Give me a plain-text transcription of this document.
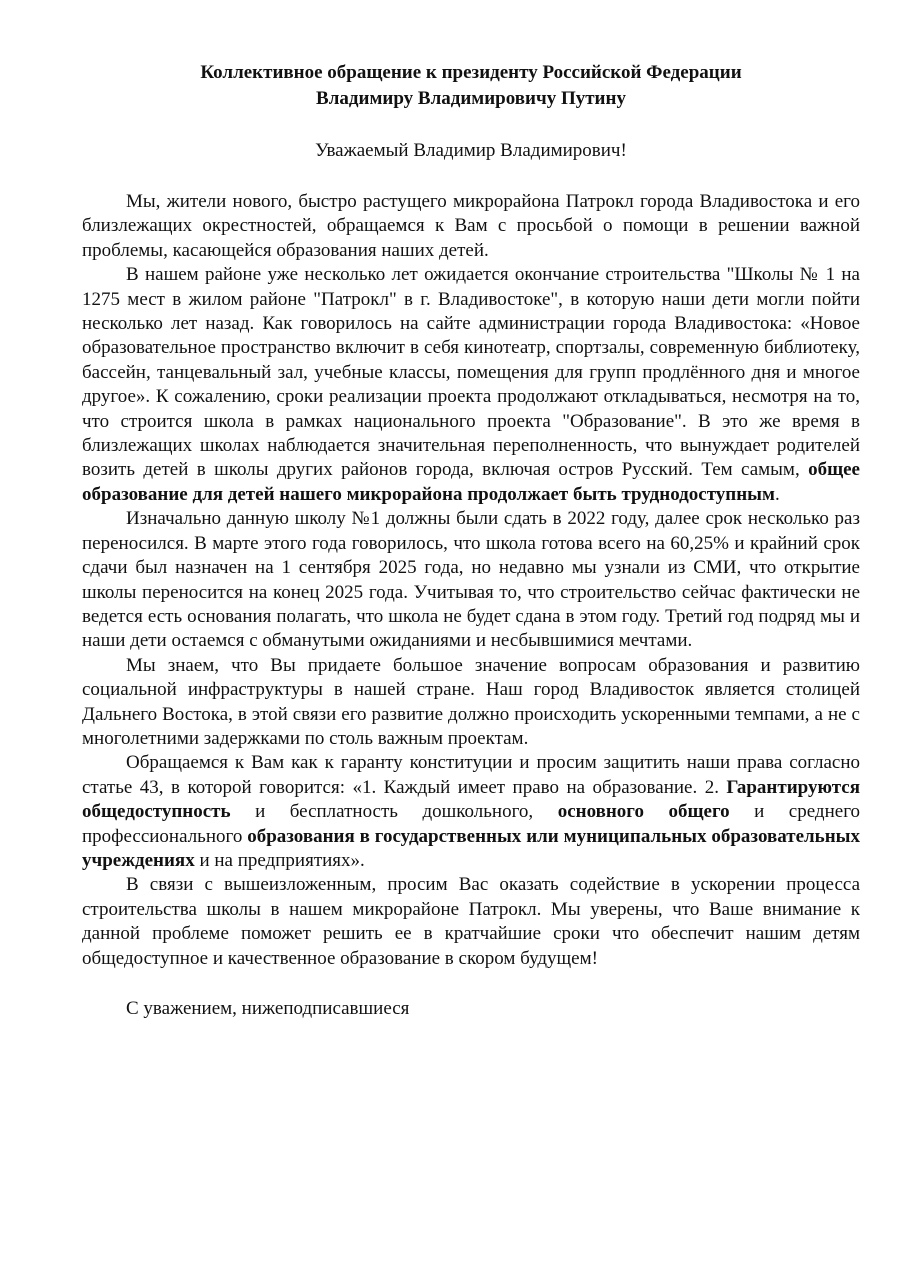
Коллективное обращение к президенту Российской Федерации
Владимиру Владимировичу Путину
Уважаемый Владимир Владимирович!

Мы, жители нового, быстро растущего микрорайона Патрокл города Владивостока и его близлежащих окрестностей, обращаемся к Вам с просьбой о помощи в решении важной проблемы, касающейся образования наших детей.

В нашем районе уже несколько лет ожидается окончание строительства "Школы № 1 на 1275 мест в жилом районе "Патрокл" в г. Владивостоке", в которую наши дети могли пойти несколько лет назад. Как говорилось на сайте администрации города Владивостока: «Новое образовательное пространство включит в себя кинотеатр, спортзалы, современную библиотеку, бассейн, танцевальный зал, учебные классы, помещения для групп продлённого дня и многое другое». К сожалению, сроки реализации проекта продолжают откладываться, несмотря на то, что строится школа в рамках национального проекта "Образование". В это же время в близлежащих школах наблюдается значительная переполненность, что вынуждает родителей возить детей в школы других районов города, включая остров Русский. Тем самым, общее образование для детей нашего микрорайона продолжает быть труднодоступным.

Изначально данную школу №1 должны были сдать в 2022 году, далее срок несколько раз переносился. В марте этого года говорилось, что школа готова всего на 60,25% и крайний срок сдачи был назначен на 1 сентября 2025 года, но недавно мы узнали из СМИ, что открытие школы переносится на конец 2025 года. Учитывая то, что строительство сейчас фактически не ведется есть основания полагать, что школа не будет сдана в этом году. Третий год подряд мы и наши дети остаемся с обманутыми ожиданиями и несбывшимися мечтами.

Мы знаем, что Вы придаете большое значение вопросам образования и развитию социальной инфраструктуры в нашей стране. Наш город Владивосток является столицей Дальнего Востока, в этой связи его развитие должно происходить ускоренными темпами, а не с многолетними задержками по столь важным проектам.

Обращаемся к Вам как к гаранту конституции и просим защитить наши права согласно статье 43, в которой говорится: «1. Каждый имеет право на образование. 2. Гарантируются общедоступность и бесплатность дошкольного, основного общего и среднего профессионального образования в государственных или муниципальных образовательных учреждениях и на предприятиях».

В связи с вышеизложенным, просим Вас оказать содействие в ускорении процесса строительства школы в нашем микрорайоне Патрокл. Мы уверены, что Ваше внимание к данной проблеме поможет решить ее в кратчайшие сроки что обеспечит нашим детям общедоступное и качественное образование в скором будущем!

С уважением, нижеподписавшиеся
